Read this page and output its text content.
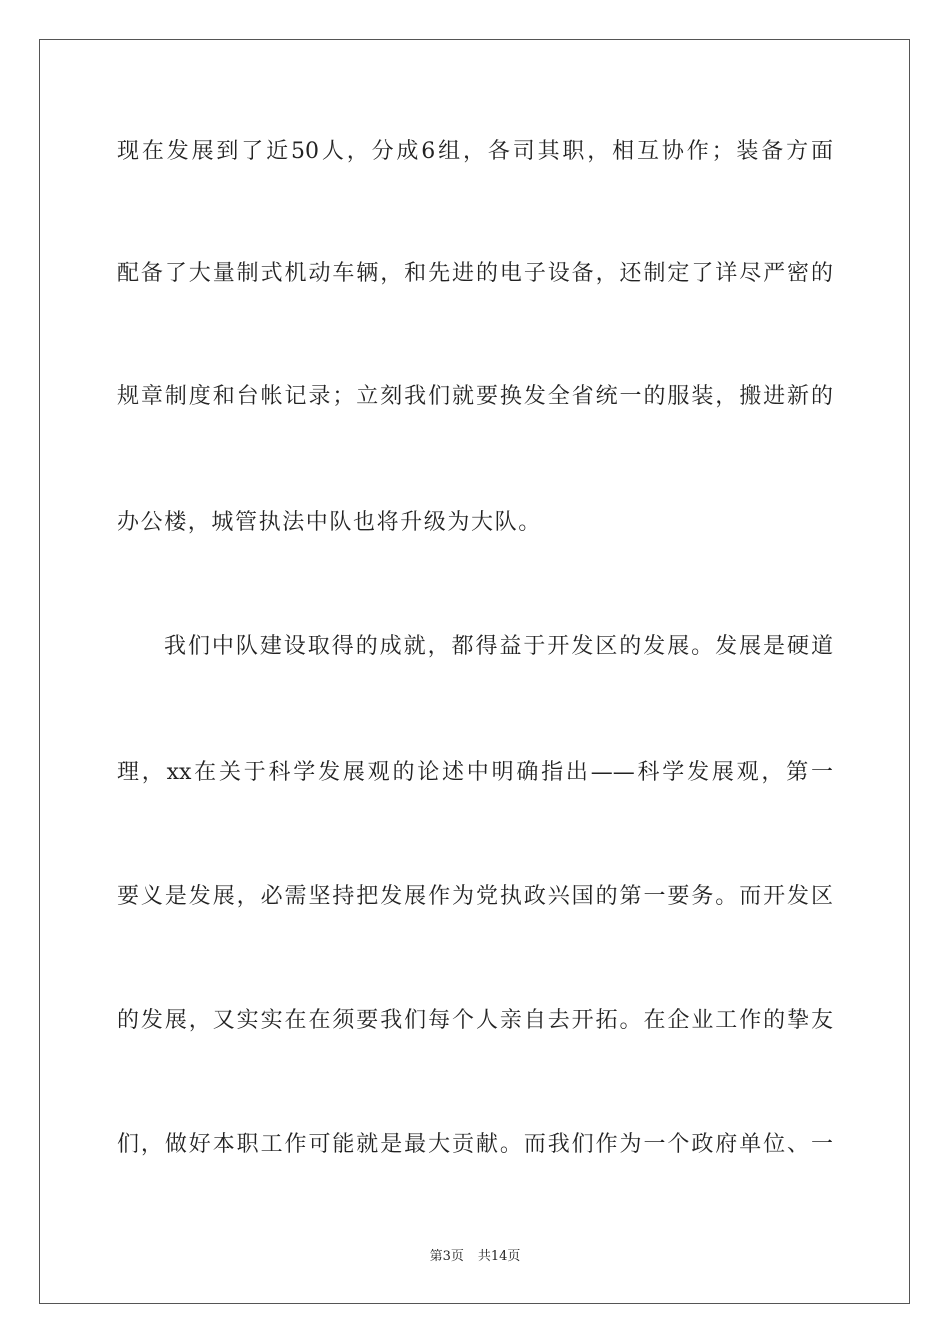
现在发展到了近50人，分成6组，各司其职，相互协作；装备方面
配备了大量制式机动车辆，和先进的电子设备，还制定了详尽严密的
规章制度和台帐记录；立刻我们就要换发全省统一的服装，搬进新的
办公楼，城管执法中队也将升级为大队。
我们中队建设取得的成就，都得益于开发区的发展。发展是硬道
理，xx在关于科学发展观的论述中明确指出——科学发展观，第一
要义是发展，必需坚持把发展作为党执政兴国的第一要务。而开发区
的发展，又实实在在须要我们每个人亲自去开拓。在企业工作的挚友
们，做好本职工作可能就是最大贡献。而我们作为一个政府单位、一
第3页 共14页
